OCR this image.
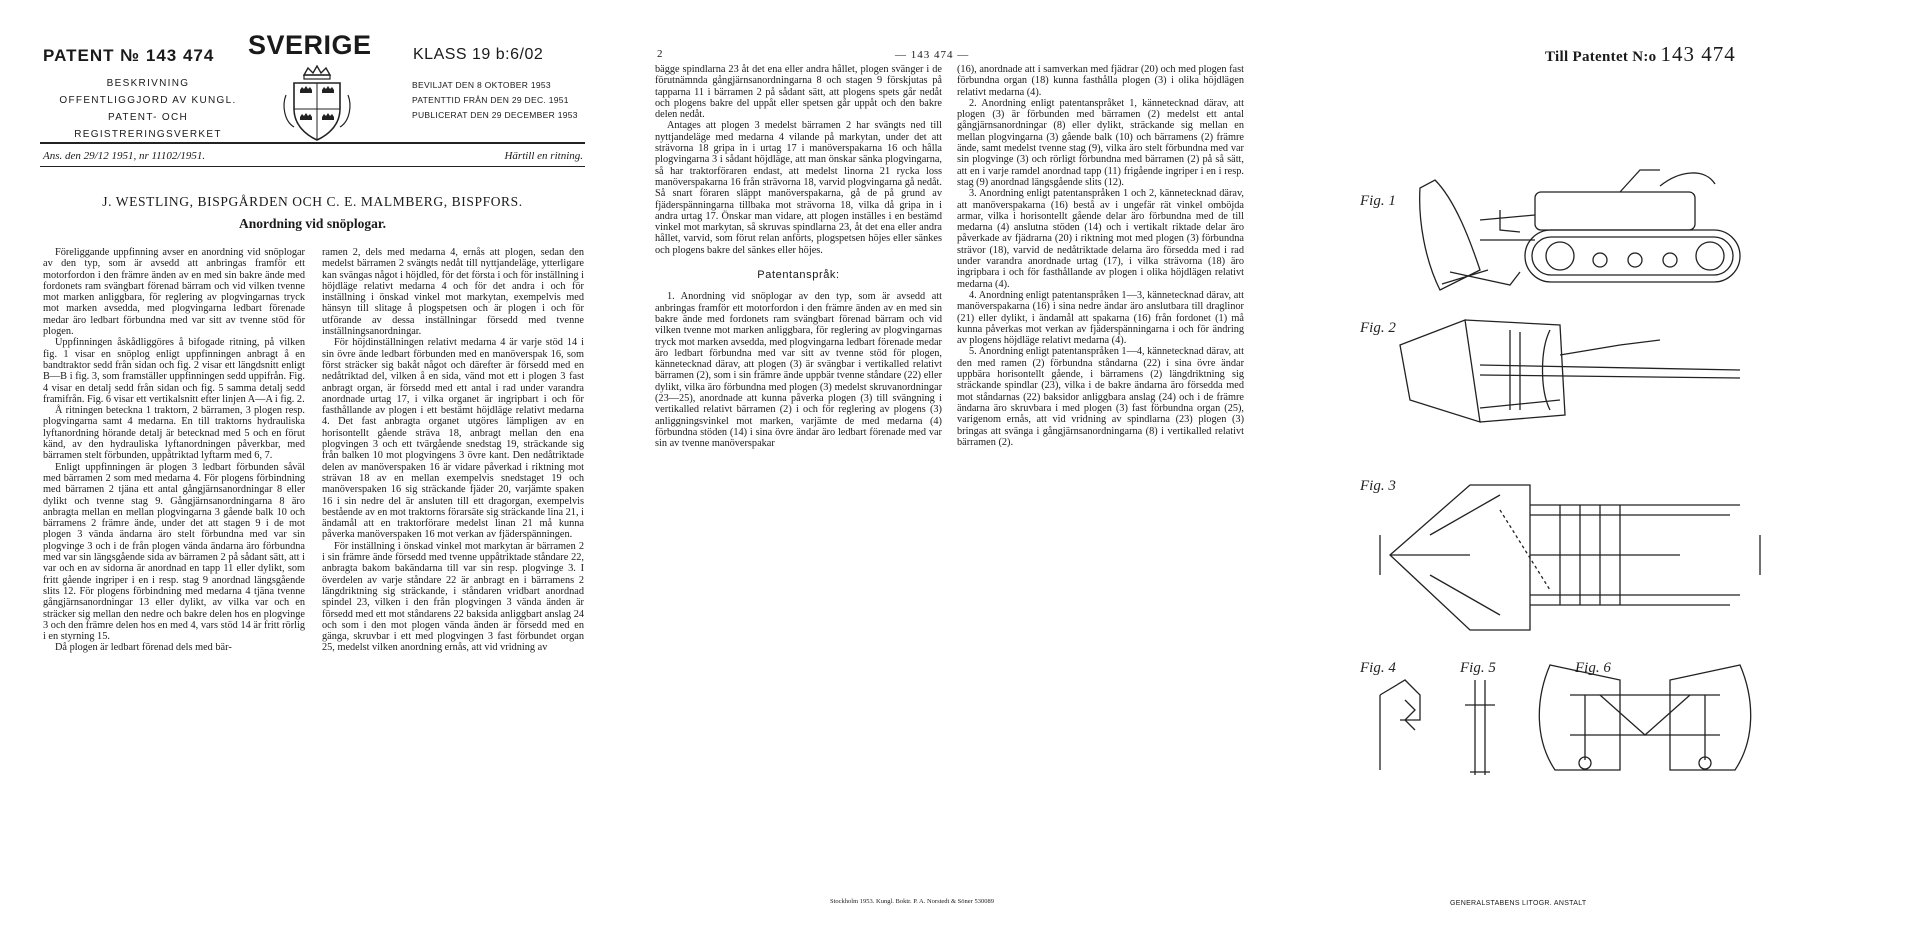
PATENT № 143 474 SVERIGE	KLASS 19 b:6/02
BESKRIVNING
OFFENTLIGGJORD AV KUNGL.
PATENT- OCH REGISTRERINGSVERKET
BEVILJAT DEN 8 OKTOBER 1953
PATENTTID FRÅN DEN 29 DEC. 1951
PUBLICERAT DEN 29 DECEMBER 1953
Ans. den 29/12 1951, nr 11102/1951.	Härtill en ritning.
J. WESTLING, BISPGÅRDEN OCH C. E. MALMBERG, BISPFORS.
Anordning vid snöplogar.

Föreliggande uppfinning avser en anordning vid snöplogar av den typ, som är avsedd att anbringas framför ett motorfordon i den främre änden av en med sin bakre ände med fordonets ram svängbart förenad bärram och vid vilken tvenne mot marken anliggbara, för reglering av plogvingarnas tryck mot marken avsedda, med plogvingarna ledbart förenade medar äro ledbart förbundna med var sitt av tvenne stöd för plogen.

Uppfinningen åskådliggöres å bifogade ritning, på vilken fig. 1 visar en snöplog enligt uppfinningen anbragt å en bandtraktor sedd från sidan och fig. 2 visar ett längdsnitt enligt B—B i fig. 3, som framställer uppfinningen sedd uppifrån. Fig. 4 visar en detalj sedd från sidan och fig. 5 samma detalj sedd framifrån. Fig. 6 visar ett vertikalsnitt efter linjen A—A i fig. 2.

Å ritningen betecknа 1 traktorn, 2 bärramen, 3 plogen resp. plogvingarna samt 4 medarna. En till traktorns hydrauliska lyftanordning hörande detalj är betecknad med 5 och en förut känd, av den hydrauliska lyftanordningen påverkbar, med bärramen stelt förbunden, uppåtriktad lyftarm med 6, 7.

Enligt uppfinningen är plogen 3 ledbart förbunden såväl med bärramen 2 som med medarna 4. För plogens förbindning med bärramen 2 tjäna ett antal gångjärnsanordningar 8 eller dylikt och tvenne stag 9. Gångjärnsanordningarna 8 äro anbragta mellan en mellan plogvingarna 3 gående balk 10 och bärramens 2 främre ände, under det att stagen 9 i de mot plogen 3 vända ändarna äro stelt förbundna med var sin plogvinge 3 och i de från plogen vända ändarna äro förbundna med var sin längsgående sida av bärramen 2 på sådant sätt, att i var och en av sidorna är anordnad en tapp 11 eller dylikt, som fritt gående ingriper i en i resp. stag 9 anordnad längsgående slits 12. För plogens förbindning med medarna 4 tjäna tvenne gångjärnsanordningar 13 eller dylikt, av vilka var och en sträcker sig mellan den nedre och bakre delen hos en plogvinge 3 och den främre delen hos en med 4, vars stöd 14 är fritt rörlig i en styrning 15.

Då plogen är ledbart förenad dels med bär-

ramen 2, dels med medarna 4, ernås att plogen, sedan den medelst bärramen 2 svängts nedåt till nyttjandeläge, ytterligare kan svängas något i höjdled, för det första i och för inställning i höjdläge relativt medarna 4 och för det andra i och för inställning i önskad vinkel mot markytan, exempelvis med hänsyn till slitage å plogspetsen och är plogen i och för utförande av dessa inställningar försedd med tvenne inställningsanordningar.

För höjdinställningen relativt medarna 4 är varje stöd 14 i sin övre ände ledbart förbunden med en manöverspak 16, som först sträcker sig bakåt något och därefter är försedd med en nedåtriktad del, vilken å en sida, vänd mot ett i plogen 3 fast anbragt organ, är försedd med ett antal i rad under varandra anordnade urtag 17, i vilka organet är ingripbart i och för fasthållande av plogen i ett bestämt höjdläge relativt medarna 4. Det fast anbragta organet utgöres lämpligen av en horisontellt gående sträva 18, anbragt mellan den ena plogvingen 3 och ett tvärgående snedstag 19, sträckande sig från balken 10 mot plogvingens 3 övre kant. Den nedåtriktade delen av manöverspaken 16 är vidare påverkad i riktning mot strävan 18 av en mellan exempelvis snedstaget 19 och manöverspaken 16 sig sträckande fjäder 20, varjämte spaken 16 i sin nedre del är ansluten till ett dragorgan, exempelvis bestående av en mot traktorns förarsäte sig sträckande lina 21, i ändamål att en traktorförare medelst linan 21 må kunna påverka manöverspaken 16 mot verkan av fjäderspänningen.

För inställning i önskad vinkel mot markytan är bärramen 2 i sin främre ände försedd med tvenne uppåtriktade ståndare 22, anbragta bakom bakändarna till var sin resp. plogvinge 3. I överdelen av varje ståndare 22 är anbragt en i bärramens 2 längdriktning sig sträckande, i ståndaren vridbart anordnad spindel 23, vilken i den från plogvingen 3 vända änden är försedd med ett mot ståndarens 22 baksida anliggbart anslag 24 och som i den mot plogen vända änden är försedd med en gänga, skruvbar i ett med plogvingen 3 fast förbundet organ 25, medelst vilken anordning ernås, att vid vridning av

2	— 143 474 —

bägge spindlarna 23 åt det ena eller andra hållet, plogen svänger i de förutnämnda gångjärnsanordningarna 8 och stagen 9 förskjutas på tapparna 11 i bärramen 2 på sådant sätt, att plogens spets går nedåt och plogens bakre del uppåt eller spetsen går uppåt och den bakre delen nedåt.

Antages att plogen 3 medelst bärramen 2 har svängts ned till nyttjandeläge med medarna 4 vilande på markytan, under det att strävorna 18 gripa in i urtag 17 i manöverspakarna 16 och hålla plogvingarna 3 i sådant höjdläge, att man önskar sänka plogvingarna, så har traktorföraren endast, att medelst linorna 21 rycka loss manöverspakarna 16 från strävorna 18, varvid plogvingarna gå nedåt. Så snart föraren släppt manöverspakarna, gå de på grund av fjäderspänningarna tillbaka mot strävorna 18, vilka då gripa in i andra urtag 17. Önskar man vidare, att plogen inställes i en bestämd vinkel mot markytan, så skruvas spindlarna 23, åt det ena eller andra hållet, varvid, som förut relan anförts, plogspetsen höjes eller sänkes och plogens bakre del sänkes eller höjes.

Patentanspråk:

1. Anordning vid snöplogar av den typ, som är avsedd att anbringas framför ett motorfordon i den främre änden av en med sin bakre ände med fordonets ram svängbart förenad bärram och vid vilken tvenne mot marken anliggbara, för reglering av plogvingarnas tryck mot marken avsedda, med plogvingarna ledbart förenade medar äro ledbart förbundna med var sitt av tvenne stöd för plogen, kännetecknad därav, att plogen (3) är svängbar i vertikalled relativt bärramen (2), som i sin främre ände uppbär tvenne ståndare (22) eller dylikt, vilka äro förbundna med plogen (3) medelst skruvanordningar (23—25), anordnade att kunna påverka plogen (3) till svängning i vertikalled relativt bärramen (2) i och för reglering av plogens (3) anliggningsvinkel mot marken, varjämte de med medarna (4) förbundna stöden (14) i sina övre ändar äro ledbart förenade med var sin av tvenne manöverspakar

(16), anordnade att i samverkan med fjädrar (20) och med plogen fast förbundna organ (18) kunna fasthålla plogen (3) i olika höjdlägen relativt medarna (4).

2. Anordning enligt patentanspråket 1, kännetecknad därav, att plogen (3) är förbunden med bärramen (2) medelst ett antal gångjärnsanordningar (8) eller dylikt, sträckande sig mellan en mellan plogvingarna (3) gående balk (10) och bärramens (2) främre ände, samt medelst tvenne stag (9), vilka äro stelt förbundna med var sin plogvinge (3) och rörligt förbundna med bärramen (2) på så sätt, att en i varje ramdel anordnad tapp (11) frigående ingriper i en i resp. stag (9) anordnad längsgående slits (12).

3. Anordning enligt patentanspråken 1 och 2, kännetecknad därav, att manöverspakarna (16) bestå av i ungefär rät vinkel omböjda armar, vilka i horisontellt gående delar äro förbundna med de till medarna (4) anslutna stöden (14) och i vertikalt riktade delar äro påverkade av fjädrarna (20) i riktning mot med plogen (3) förbundna strävor (18), varvid de nedåtriktade delarna äro försedda med i rad under varandra anordnade urtag (17), i vilka strävorna (18) äro ingripbara i och för fasthållande av plogen i olika höjdlägen relativt medarna (4).

4. Anordning enligt patentanspråken 1—3, kännetecknad därav, att manöverspakarna (16) i sina nedre ändar äro anslutbara till draglinor (21) eller dylikt, i ändamål att spakarna (16) från fordonet (1) må kunna påverkas mot verkan av fjäderspänningarna i och för ändring av plogens höjdläge relativt medarna (4).

5. Anordning enligt patentanspråken 1—4, kännetecknad därav, att den med ramen (2) förbundna ståndarna (22) i sina övre ändar uppbära horisontellt gående, i bärramens (2) längdriktning sig sträckande spindlar (23), vilka i de bakre ändarna äro försedda med mot ståndarnas (22) baksidor anliggbara anslag (24) och i de främre ändarna äro skruvbara i med plogen (3) fast förbundna organ (25), varigenom ernås, att vid vridning av spindlarna (23) plogen (3) bringas att svänga i gångjärnsanordningarna (8) i vertikalled relativt bärramen (2).

Stockholm 1953. Kungl. Boktr. P. A. Norstedt & Söner 530089
Till Patentet N:o 143 474
Fig. 1
Fig. 2
Fig. 3
Fig. 4	Fig. 5	Fig. 6
GENERALSTABENS LITOGR. ANSTALT
